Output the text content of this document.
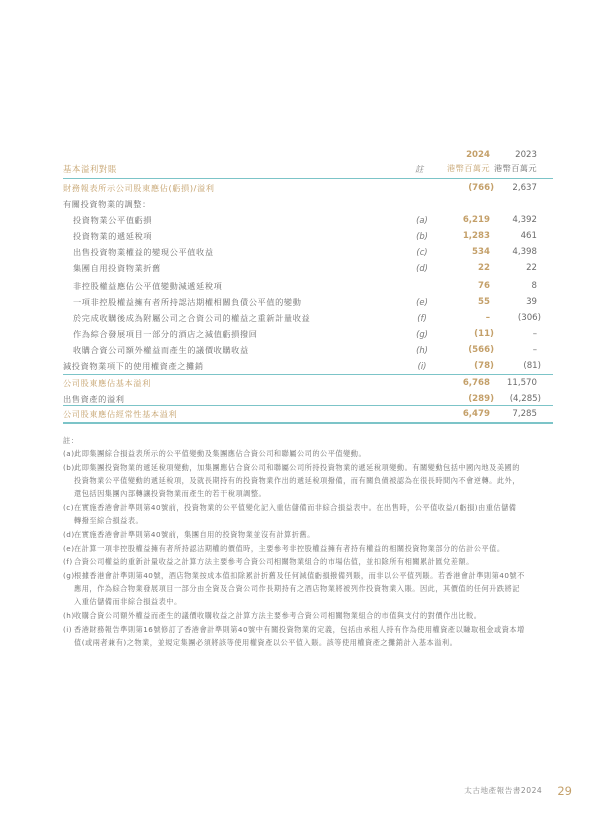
基本溢利對賬	註
2024
港幣百萬元
2023
港幣百萬元
財務報表所示公司股東應佔(虧損)/溢利	(766) 2,637
有關投資物業的調整：
投資物業公平值虧損	(a)	6,219	4,392
投資物業的遞延稅項	(b)	1,283	461
出售投資物業權益的變現公平值收益	(c)	534	4,398
集團自用投資物業折舊	(d)	22	22
非控股權益應佔公平值變動減遞延稅項	76	8
一項非控股權益擁有者所持認沽期權相關負債公平值的變動	(e)	55	39
於完成收購後成為附屬公司之合資公司的權益之重新計量收益	(f)	–	(306)
作為綜合發展項目一部分的酒店之減值虧損撥回	(g)	(11)	–
收購合資公司額外權益而產生的議價收購收益	(h)	(566)	–
減投資物業項下的使用權資產之攤銷	(i)	(78)	(81)
公司股東應佔基本溢利	6,768 11,570
出售資產的溢利	(289) (4,285)
公司股東應佔經常性基本溢利	6,479	7,285
註：
(a)此即集團綜合損益表所示的公平值變動及集團應佔合資公司和聯屬公司的公平值變動。
(b)此即集團投資物業的遞延稅項變動，加集團應佔合資公司和聯屬公司所持投資物業的遞延稅項變動。有關變動包括中國內地及美國的
投資物業公平值變動的遞延稅項，及就長期持有的投資物業作出的遞延稅項撥備，而有關負債被認為在很長時間內不會逆轉。此外，
還包括因集團內部轉讓投資物業而產生的若干稅項調整。
(c)在實施香港會計準則第40號前，投資物業的公平值變化記入重估儲備而非綜合損益表中。在出售時，公平值收益/(虧損)由重估儲備
轉撥至綜合損益表。
(d)在實施香港會計準則第40號前，集團自用的投資物業並沒有計算折舊。
(e)在計算一項非控股權益擁有者所持認沽期權的價值時，主要參考非控股權益擁有者持有權益的相關投資物業部分的估計公平值。
(f)合資公司權益的重新計量收益之計算方法主要參考合資公司相關物業組合的市場估值，並扣除所有相關累計匯兌差額。
(g)根據香港會計準則第40號，酒店物業按成本值扣除累計折舊及任何減值虧損撥備列賬，而非以公平值列賬。若香港會計準則第40號不
應用，作為綜合物業發展項目一部分由全資及合資公司作長期持有之酒店物業將被列作投資物業入賬。因此，其價值的任何升跌將記
入重估儲備而非綜合損益表中。
(h)收購合資公司額外權益而產生的議價收購收益之計算方法主要參考合資公司相關物業組合的市值與支付的對價作出比較。
(i) 香港財務報告準則第16號修訂了香港會計準則第40號中有關投資物業的定義，包括由承租人持有作為使用權資產以賺取租金或資本增
值(或兩者兼有)之物業，並規定集團必須將該等使用權資產以公平值入賬。該等使用權資產之攤銷計入基本溢利。
太古地產報告書2024 29
